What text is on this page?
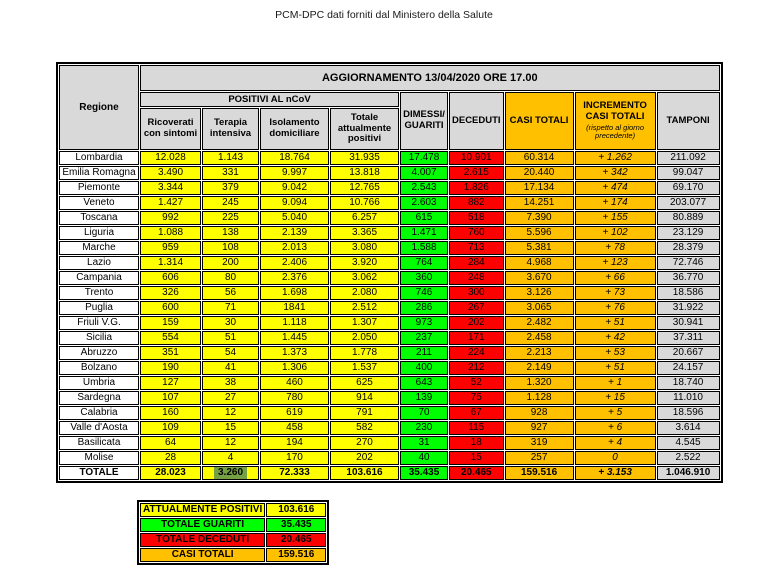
PCM-DPC dati forniti dal Ministero della Salute
Regione	AGGIORNAMENTO 13/04/2020 ORE 17.00								
	POSITIVI AL nCoV				DIMESSI/ GUARITI	DECEDUTI	CASI TOTALI	INCREMENTO CASI TOTALI
(rispetto al giorno precedente)	TAMPONI
	Ricoverati con sintomi	Terapia intensiva	Isolamento domiciliare	Totale attualmente positivi					
Lombardia	12.028	1.143	18.764	31.935	17.478	10.901	60.314	+ 1.262	211.092
Emilia Romagna	3.490	331	9.997	13.818	4.007	2.615	20.440	+ 342	99.047
Piemonte	3.344	379	9.042	12.765	2.543	1.826	17.134	+ 474	69.170
Veneto	1.427	245	9.094	10.766	2.603	882	14.251	+ 174	203.077
Toscana	992	225	5.040	6.257	615	518	7.390	+ 155	80.889
Liguria	1.088	138	2.139	3.365	1.471	760	5.596	+ 102	23.129
Marche	959	108	2.013	3.080	1.588	713	5.381	+ 78	28.379
Lazio	1.314	200	2.406	3.920	764	284	4.968	+ 123	72.746
Campania	606	80	2.376	3.062	360	248	3.670	+ 66	36.770
Trento	326	56	1.698	2.080	746	300	3.126	+ 73	18.586
Puglia	600	71	1841	2.512	286	267	3.065	+ 76	31.922
Friuli V.G.	159	30	1.118	1.307	973	202	2.482	+ 51	30.941
Sicilia	554	51	1.445	2.050	237	171	2.458	+ 42	37.311
Abruzzo	351	54	1.373	1.778	211	224	2.213	+ 53	20.667
Bolzano	190	41	1.306	1.537	400	212	2.149	+ 51	24.157
Umbria	127	38	460	625	643	52	1.320	+ 1	18.740
Sardegna	107	27	780	914	139	75	1.128	+ 15	11.010
Calabria	160	12	619	791	70	67	928	+ 5	18.596
Valle d'Aosta	109	15	458	582	230	115	927	+ 6	3.614
Basilicata	64	12	194	270	31	18	319	+ 4	4.545
Molise	28	4	170	202	40	15	257	0	2.522
TOTALE	28.023	3.260	72.333	103.616	35.435	20.465	159.516	+ 3.153	1.046.910
ATTUALMENTE POSITIVI	103.616
TOTALE GUARITI	35.435
TOTALE DECEDUTI	20.465
CASI TOTALI	159.516
